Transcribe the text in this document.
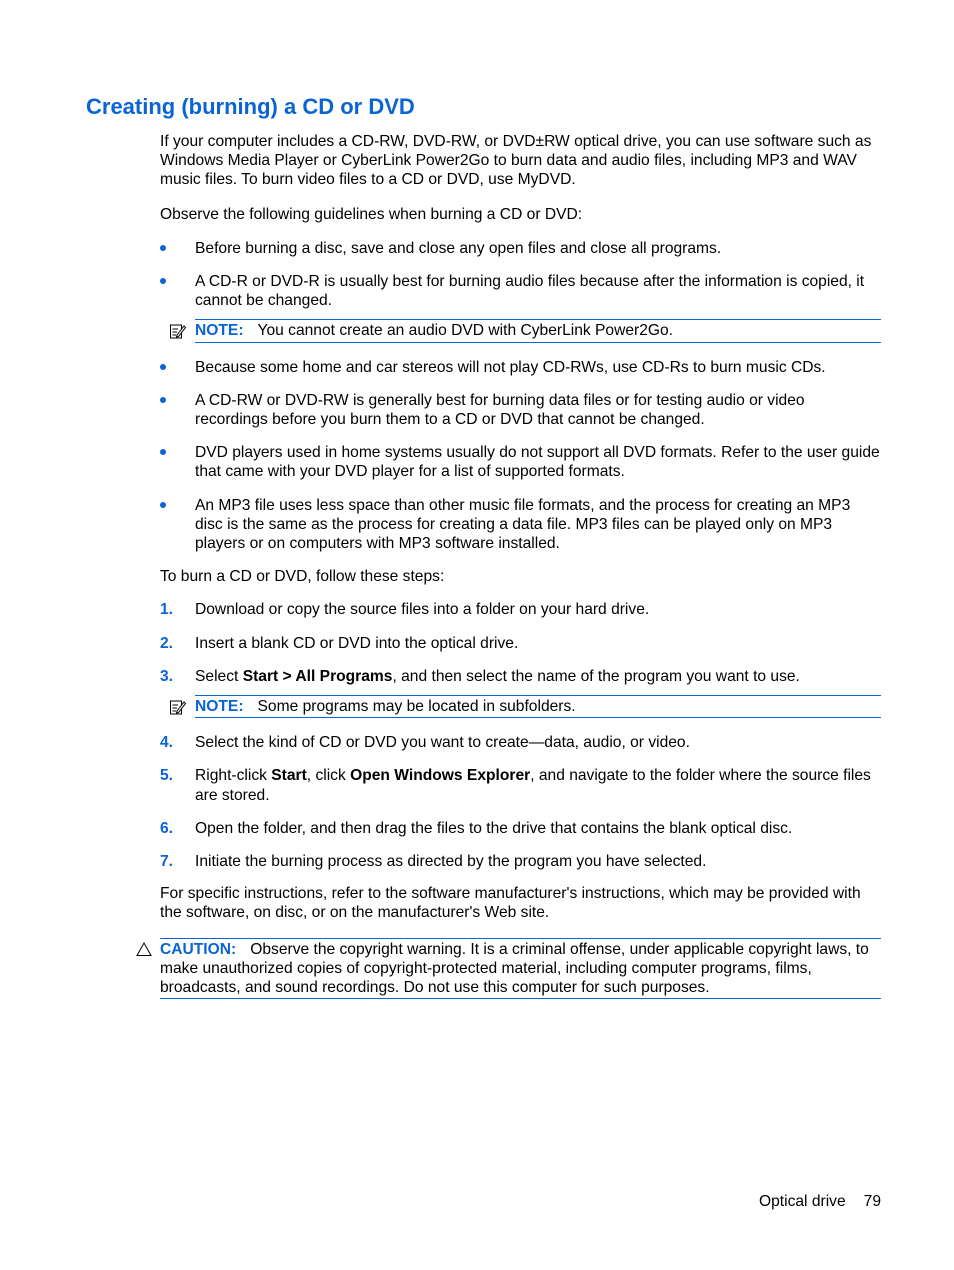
Creating (burning) a CD or DVD

If your computer includes a CD-RW, DVD-RW, or DVD±RW optical drive, you can use software such as Windows Media Player or CyberLink Power2Go to burn data and audio files, including MP3 and WAV music files. To burn video files to a CD or DVD, use MyDVD.

Observe the following guidelines when burning a CD or DVD:

Before burning a disc, save and close any open files and close all programs.
A CD-R or DVD-R is usually best for burning audio files because after the information is copied, it cannot be changed.
NOTE: You cannot create an audio DVD with CyberLink Power2Go.
Because some home and car stereos will not play CD-RWs, use CD-Rs to burn music CDs.
A CD-RW or DVD-RW is generally best for burning data files or for testing audio or video recordings before you burn them to a CD or DVD that cannot be changed.
DVD players used in home systems usually do not support all DVD formats. Refer to the user guide that came with your DVD player for a list of supported formats.
An MP3 file uses less space than other music file formats, and the process for creating an MP3 disc is the same as the process for creating a data file. MP3 files can be played only on MP3 players or on computers with MP3 software installed.

To burn a CD or DVD, follow these steps:

1. Download or copy the source files into a folder on your hard drive.
2. Insert a blank CD or DVD into the optical drive.
3. Select Start > All Programs, and then select the name of the program you want to use.
NOTE: Some programs may be located in subfolders.
4. Select the kind of CD or DVD you want to create—data, audio, or video.
5. Right-click Start, click Open Windows Explorer, and navigate to the folder where the source files are stored.
6. Open the folder, and then drag the files to the drive that contains the blank optical disc.
7. Initiate the burning process as directed by the program you have selected.

For specific instructions, refer to the software manufacturer's instructions, which may be provided with the software, on disc, or on the manufacturer's Web site.

CAUTION: Observe the copyright warning. It is a criminal offense, under applicable copyright laws, to make unauthorized copies of copyright-protected material, including computer programs, films, broadcasts, and sound recordings. Do not use this computer for such purposes.
Optical drive 79
